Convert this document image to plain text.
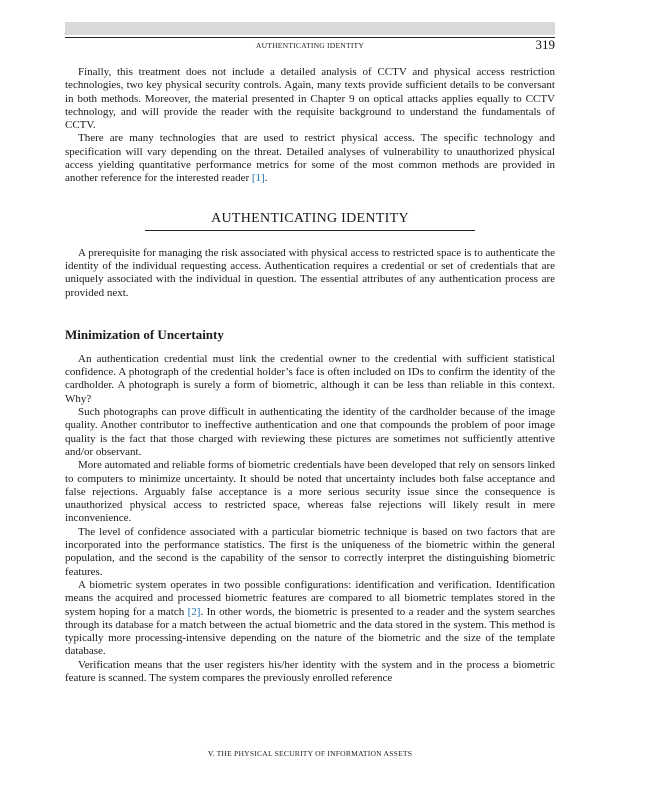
AUTHENTICATING IDENTITY	319

Finally, this treatment does not include a detailed analysis of CCTV and physical access restriction technologies, two key physical security controls. Again, many texts provide sufficient details to be conversant in both methods. Moreover, the material presented in Chapter 9 on optical attacks applies equally to CCTV technology, and will provide the reader with the requisite background to understand the fundamentals of CCTV.

There are many technologies that are used to restrict physical access. The specific technology and specification will vary depending on the threat. Detailed analyses of vulnerability to unauthorized physical access yielding quantitative performance metrics for some of the most common methods are provided in another reference for the interested reader [1].

AUTHENTICATING IDENTITY

A prerequisite for managing the risk associated with physical access to restricted space is to authenticate the identity of the individual requesting access. Authentication requires a credential or set of credentials that are uniquely associated with the individual in question. The essential attributes of any authentication process are provided next.

Minimization of Uncertainty

An authentication credential must link the credential owner to the credential with sufficient statistical confidence. A photograph of the credential holder’s face is often included on IDs to confirm the identity of the cardholder. A photograph is surely a form of biometric, although it can be less than reliable in this context. Why?

Such photographs can prove difficult in authenticating the identity of the cardholder because of the image quality. Another contributor to ineffective authentication and one that compounds the problem of poor image quality is the fact that those charged with reviewing these pictures are sometimes not sufficiently attentive and/or observant.

More automated and reliable forms of biometric credentials have been developed that rely on sensors linked to computers to minimize uncertainty. It should be noted that uncertainty includes both false acceptance and false rejections. Arguably false acceptance is a more serious security issue since the consequence is unauthorized physical access to restricted space, whereas false rejections will likely result in mere inconvenience.

The level of confidence associated with a particular biometric technique is based on two factors that are incorporated into the performance statistics. The first is the uniqueness of the biometric within the general population, and the second is the capability of the sensor to correctly interpret the distinguishing biometric features.

A biometric system operates in two possible configurations: identification and verification. Identification means the acquired and processed biometric features are compared to all biometric templates stored in the system hoping for a match [2]. In other words, the biometric is presented to a reader and the system searches through its database for a match between the actual biometric and the data stored in the system. This method is typically more processing-intensive depending on the nature of the biometric and the size of the template database.

Verification means that the user registers his/her identity with the system and in the process a biometric feature is scanned. The system compares the previously enrolled reference

V. THE PHYSICAL SECURITY OF INFORMATION ASSETS
